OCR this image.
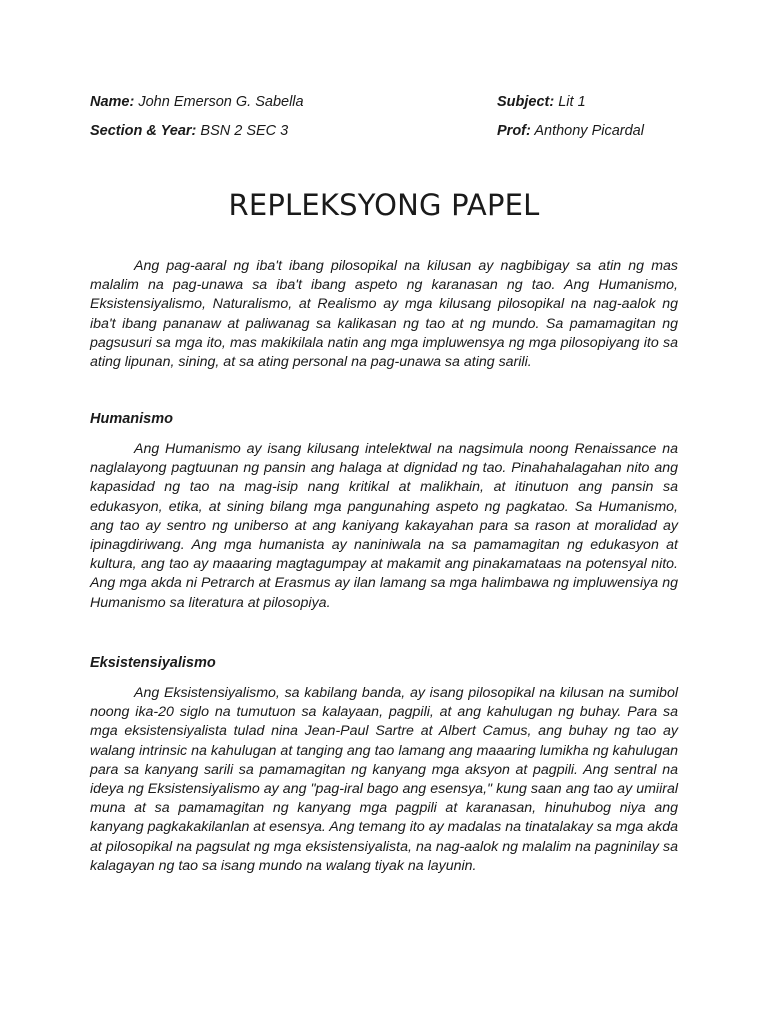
Name: John Emerson G. Sabella	Subject: Lit 1
Section & Year: BSN 2 SEC 3	Prof: Anthony Picardal
REPLEKSYONG PAPEL

Ang pag-aaral ng iba't ibang pilosopikal na kilusan ay nagbibigay sa atin ng mas malalim na pag-unawa sa iba't ibang aspeto ng karanasan ng tao. Ang Humanismo, Eksistensiyalismo, Naturalismo, at Realismo ay mga kilusang pilosopikal na nag-aalok ng iba't ibang pananaw at paliwanag sa kalikasan ng tao at ng mundo. Sa pamamagitan ng pagsusuri sa mga ito, mas makikilala natin ang mga impluwensya ng mga pilosopiyang ito sa ating lipunan, sining, at sa ating personal na pag-unawa sa ating sarili.

Humanismo

Ang Humanismo ay isang kilusang intelektwal na nagsimula noong Renaissance na naglalayong pagtuunan ng pansin ang halaga at dignidad ng tao. Pinahahalagahan nito ang kapasidad ng tao na mag-isip nang kritikal at malikhain, at itinutuon ang pansin sa edukasyon, etika, at sining bilang mga pangunahing aspeto ng pagkatao. Sa Humanismo, ang tao ay sentro ng uniberso at ang kaniyang kakayahan para sa rason at moralidad ay ipinagdiriwang. Ang mga humanista ay naniniwala na sa pamamagitan ng edukasyon at kultura, ang tao ay maaaring magtagumpay at makamit ang pinakamataas na potensyal nito. Ang mga akda ni Petrarch at Erasmus ay ilan lamang sa mga halimbawa ng impluwensiya ng Humanismo sa literatura at pilosopiya.

Eksistensiyalismo

Ang Eksistensiyalismo, sa kabilang banda, ay isang pilosopikal na kilusan na sumibol noong ika-20 siglo na tumutuon sa kalayaan, pagpili, at ang kahulugan ng buhay. Para sa mga eksistensiyalista tulad nina Jean-Paul Sartre at Albert Camus, ang buhay ng tao ay walang intrinsic na kahulugan at tanging ang tao lamang ang maaaring lumikha ng kahulugan para sa kanyang sarili sa pamamagitan ng kanyang mga aksyon at pagpili. Ang sentral na ideya ng Eksistensiyalismo ay ang "pag-iral bago ang esensya," kung saan ang tao ay umiiral muna at sa pamamagitan ng kanyang mga pagpili at karanasan, hinuhubog niya ang kanyang pagkakakilanlan at esensya. Ang temang ito ay madalas na tinatalakay sa mga akda at pilosopikal na pagsulat ng mga eksistensiyalista, na nag-aalok ng malalim na pagninilay sa kalagayan ng tao sa isang mundo na walang tiyak na layunin.
